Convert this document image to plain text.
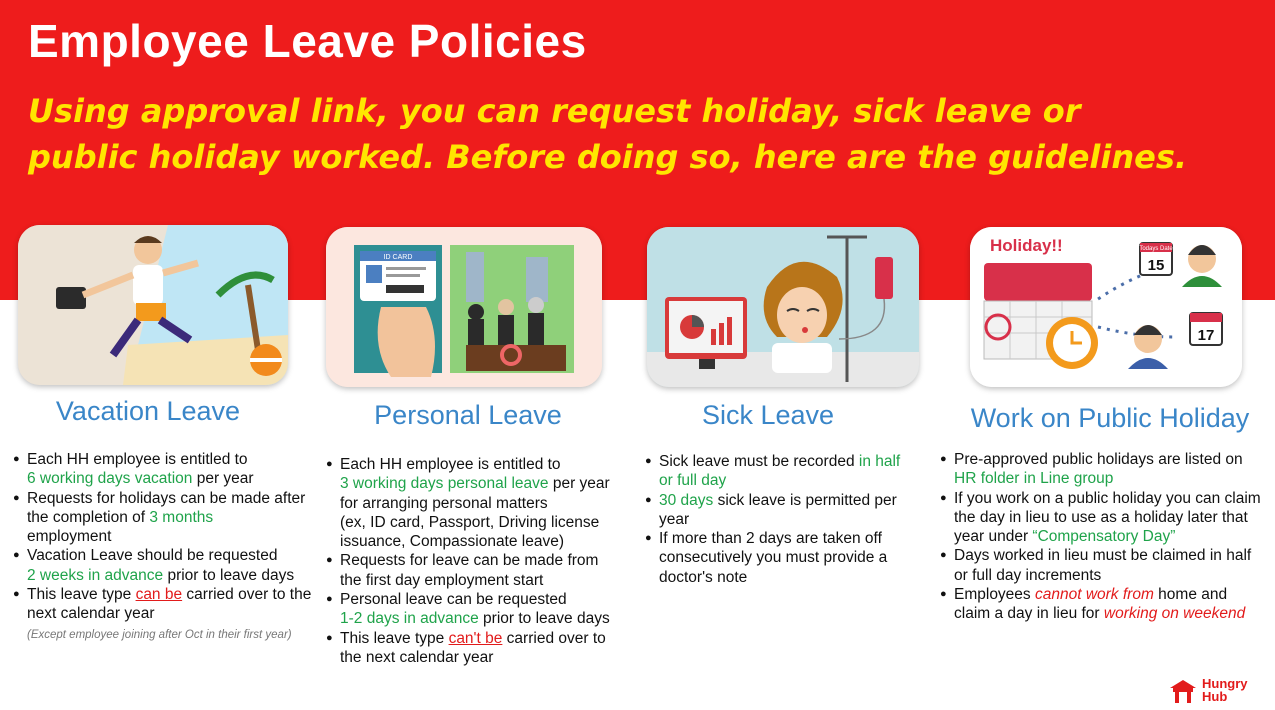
Employee Leave Policies

Using approval link, you can request holiday, sick leave or
public holiday worked. Before doing so, here are the guidelines.

Vacation Leave
● Each HH employee is entitled to
6 working days vacation per year
● Requests for holidays can be made after the completion of 3 months
employment
● Vacation Leave should be requested
2 weeks in advance prior to leave days
● This leave type can be carried over to the next calendar year
(Except employee joining after Oct in their first year)
ID CARD
Personal Leave
● Each HH employee is entitled to
3 working days personal leave per year for arranging personal matters
(ex, ID card, Passport, Driving license
issuance, Compassionate leave)
● Requests for leave can be made from the first day employment start
● Personal leave can be requested
1-2 days in advance prior to leave days
● This leave type can't be carried over to the next calendar year
Sick Leave
● Sick leave must be recorded in half or full day
● 30 days sick leave is permitted per year
● If more than 2 days are taken off consecutively you must provide a doctor's note
Holiday!!	Todays Date
15
17
Work on Public Holiday
● Pre-approved public holidays are listed on HR folder in Line group
● If you work on a public holiday you can claim the day in lieu to use as a holiday later that year under “Compensatory Day”
● Days worked in lieu must be claimed in half or full day increments
● Employees cannot work from home and claim a day in lieu for working on weekend
Hungry
Hub
